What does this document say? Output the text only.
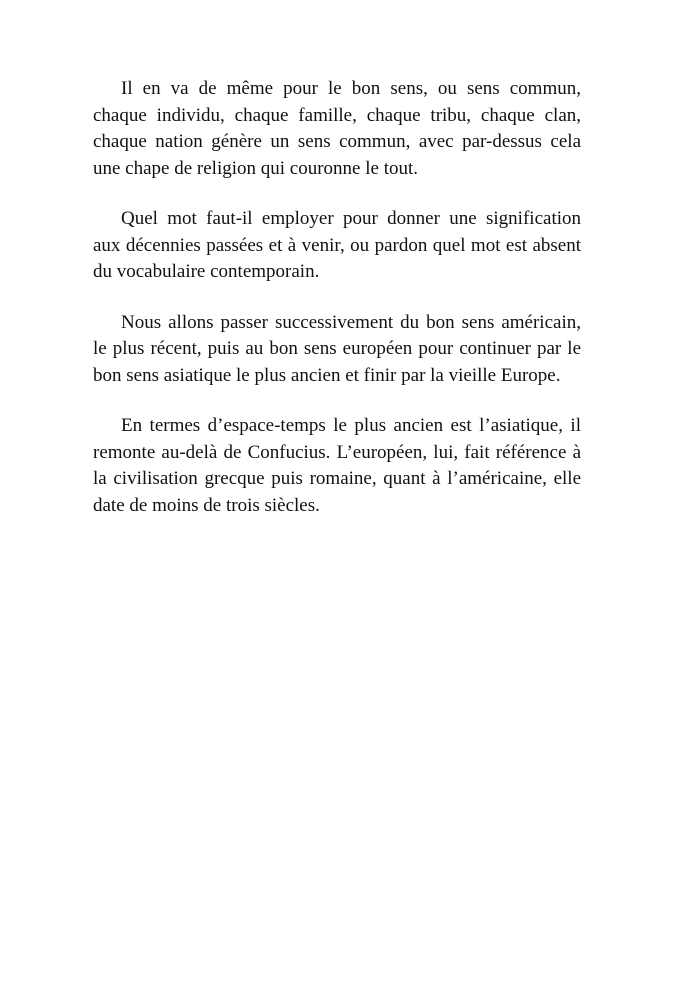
Il en va de même pour le bon sens, ou sens commun, chaque individu, chaque famille, chaque tribu, chaque clan, chaque nation génère un sens commun, avec par-dessus cela une chape de religion qui couronne le tout.

Quel mot faut-il employer pour donner une signification aux décennies passées et à venir, ou pardon quel mot est absent du vocabulaire contemporain.

Nous allons passer successivement du bon sens américain, le plus récent, puis au bon sens européen pour continuer par le bon sens asiatique le plus ancien et finir par la vieille Europe.

En termes d’espace-temps le plus ancien est l’asiatique, il remonte au-delà de Confucius. L’européen, lui, fait référence à la civilisation grecque puis romaine, quant à l’américaine, elle date de moins de trois siècles.
